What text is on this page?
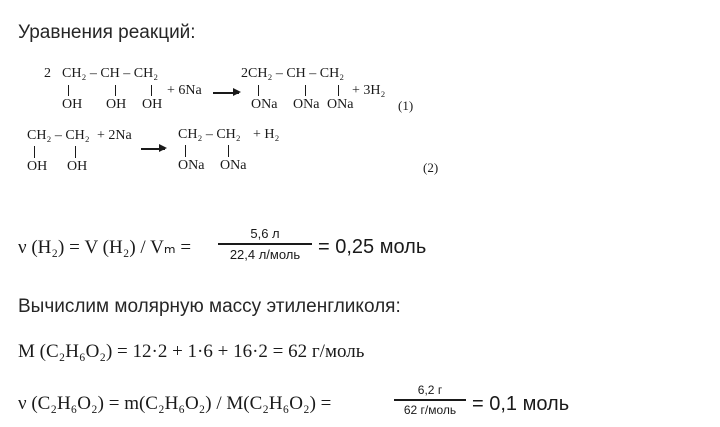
Уравнения реакций:
2 CH₂ – CH – CH₂
OH OH OH
+ 6Na
2CH₂ – CH – CH₂
ONa ONa ONa
+ 3H₂
(1)
CH₂ – CH₂ + 2Na
OH OH
CH₂ – CH₂ + H₂
ONa ONa	(2)
ν (H₂) = V (H₂) / Vₘ =
5,6 л
22,4 л/моль = 0,25 моль
Вычислим молярную массу этиленгликоля:
M (C₂H₆O₂) = 12·2 + 1·6 + 16·2 = 62 г/моль
ν (C₂H₆O₂) = m(C₂H₆O₂) / M(C₂H₆O₂) =
6,2 г
62 г/моль = 0,1 моль
